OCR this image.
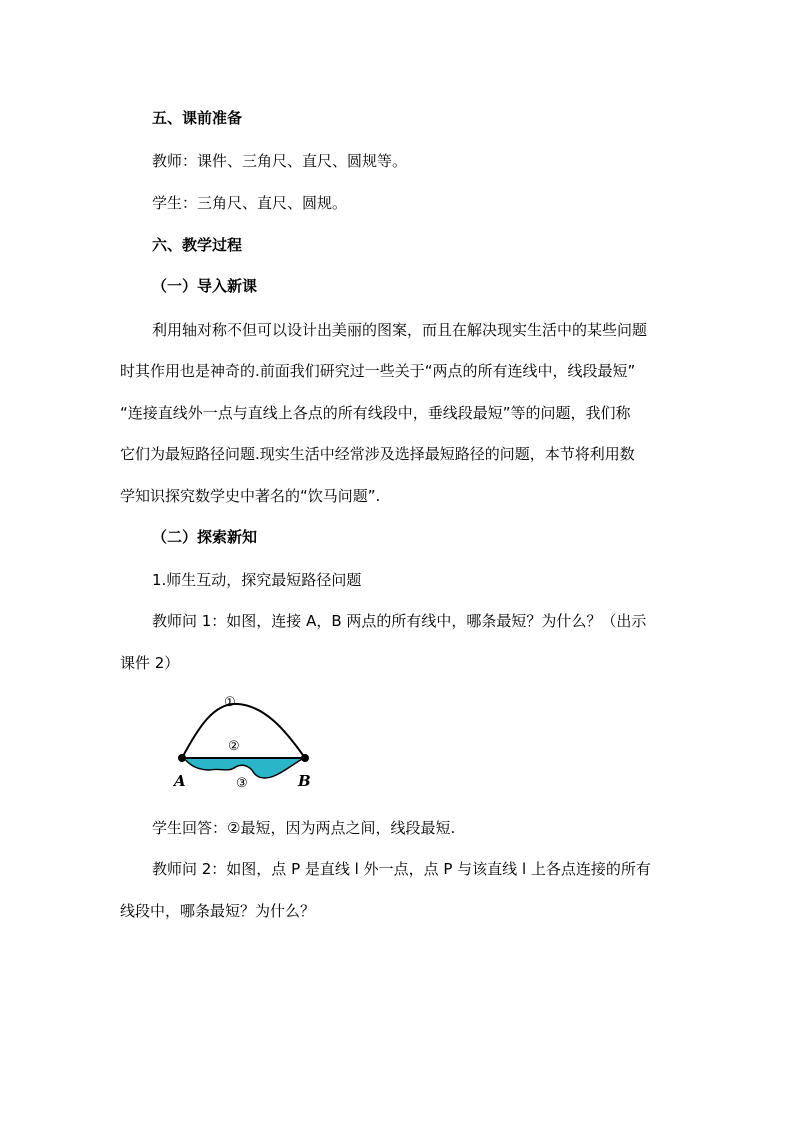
五、课前准备
教师：课件、三角尺、直尺、圆规等。
学生：三角尺、直尺、圆规。
六、教学过程
（一）导入新课
利用轴对称不但可以设计出美丽的图案，而且在解决现实生活中的某些问题
时其作用也是神奇的.前面我们研究过一些关于“两点的所有连线中，线段最短”
“连接直线外一点与直线上各点的所有线段中，垂线段最短”等的问题，我们称
它们为最短路径问题.现实生活中经常涉及选择最短路径的问题，本节将利用数
学知识探究数学史中著名的“饮马问题”.
（二）探索新知
1.师生互动，探究最短路径问题
教师问 1：如图，连接 A，B 两点的所有线中，哪条最短？为什么？（出示
课件 2）
A	B
①
②
③
学生回答：②最短，因为两点之间，线段最短.
教师问 2：如图，点 P 是直线 l 外一点，点 P 与该直线 l 上各点连接的所有
线段中，哪条最短？为什么？
